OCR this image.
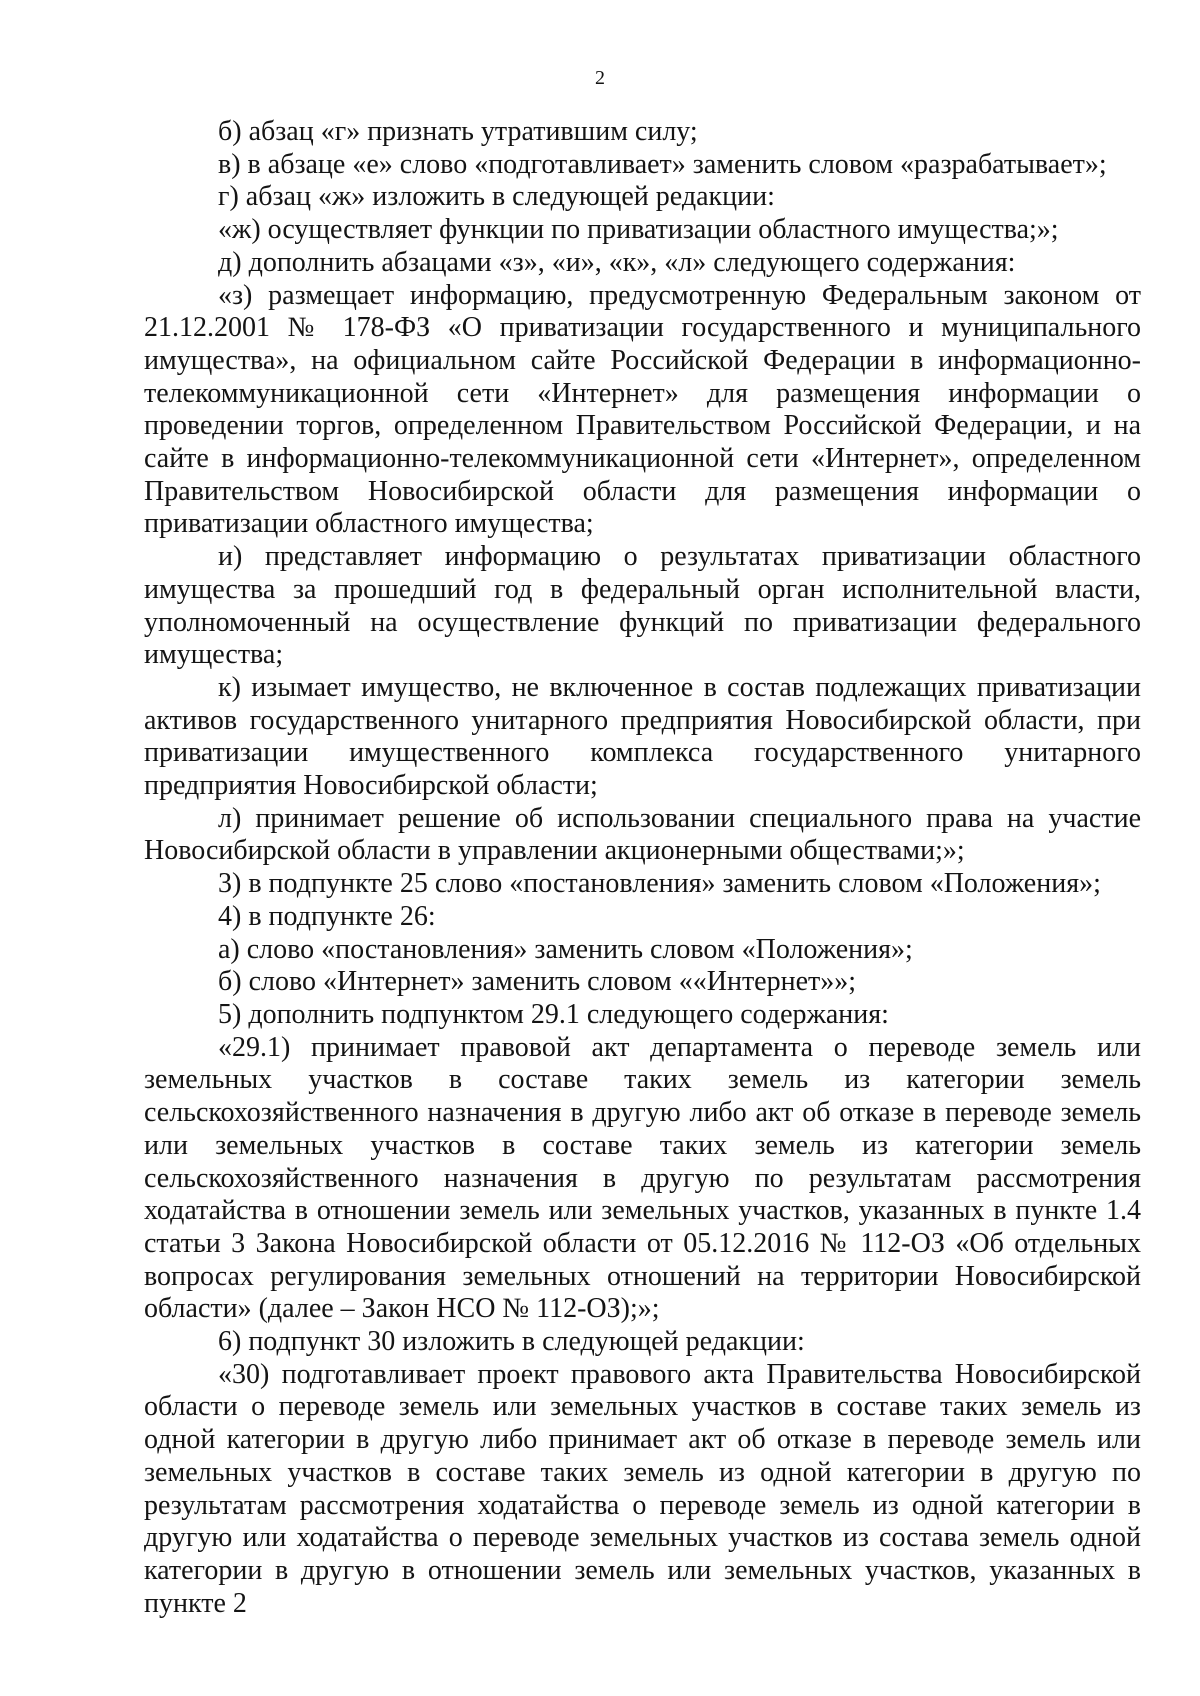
2

б) абзац «г» признать утратившим силу;

в) в абзаце «е» слово «подготавливает» заменить словом «разрабатывает»;

г) абзац «ж» изложить в следующей редакции:

«ж) осуществляет функции по приватизации областного имущества;»;

д) дополнить абзацами «з», «и», «к», «л» следующего содержания:

«з) размещает информацию, предусмотренную Федеральным законом от 21.12.2001 № 178-ФЗ «О приватизации государственного и муниципального имущества», на официальном сайте Российской Федерации в информационно-телекоммуникационной сети «Интернет» для размещения информации о проведении торгов, определенном Правительством Российской Федерации, и на сайте в информационно-телекоммуникационной сети «Интернет», определенном Правительством Новосибирской области для размещения информации о приватизации областного имущества;

и) представляет информацию о результатах приватизации областного имущества за прошедший год в федеральный орган исполнительной власти, уполномоченный на осуществление функций по приватизации федерального имущества;

к) изымает имущество, не включенное в состав подлежащих приватизации активов государственного унитарного предприятия Новосибирской области, при приватизации имущественного комплекса государственного унитарного предприятия Новосибирской области;

л) принимает решение об использовании специального права на участие Новосибирской области в управлении акционерными обществами;»;

3) в подпункте 25 слово «постановления» заменить словом «Положения»;

4) в подпункте 26:

а) слово «постановления» заменить словом «Положения»;

б) слово «Интернет» заменить словом ««Интернет»»;

5) дополнить подпунктом 29.1 следующего содержания:

«29.1) принимает правовой акт департамента о переводе земель или земельных участков в составе таких земель из категории земель сельскохозяйственного назначения в другую либо акт об отказе в переводе земель или земельных участков в составе таких земель из категории земель сельскохозяйственного назначения в другую по результатам рассмотрения ходатайства в отношении земель или земельных участков, указанных в пункте 1.4 статьи 3 Закона Новосибирской области от 05.12.2016 № 112-ОЗ «Об отдельных вопросах регулирования земельных отношений на территории Новосибирской области» (далее – Закон НСО № 112-ОЗ);»;

6) подпункт 30 изложить в следующей редакции:

«30) подготавливает проект правового акта Правительства Новосибирской области о переводе земель или земельных участков в составе таких земель из одной категории в другую либо принимает акт об отказе в переводе земель или земельных участков в составе таких земель из одной категории в другую по результатам рассмотрения ходатайства о переводе земель из одной категории в другую или ходатайства о переводе земельных участков из состава земель одной категории в другую в отношении земель или земельных участков, указанных в пункте 2
